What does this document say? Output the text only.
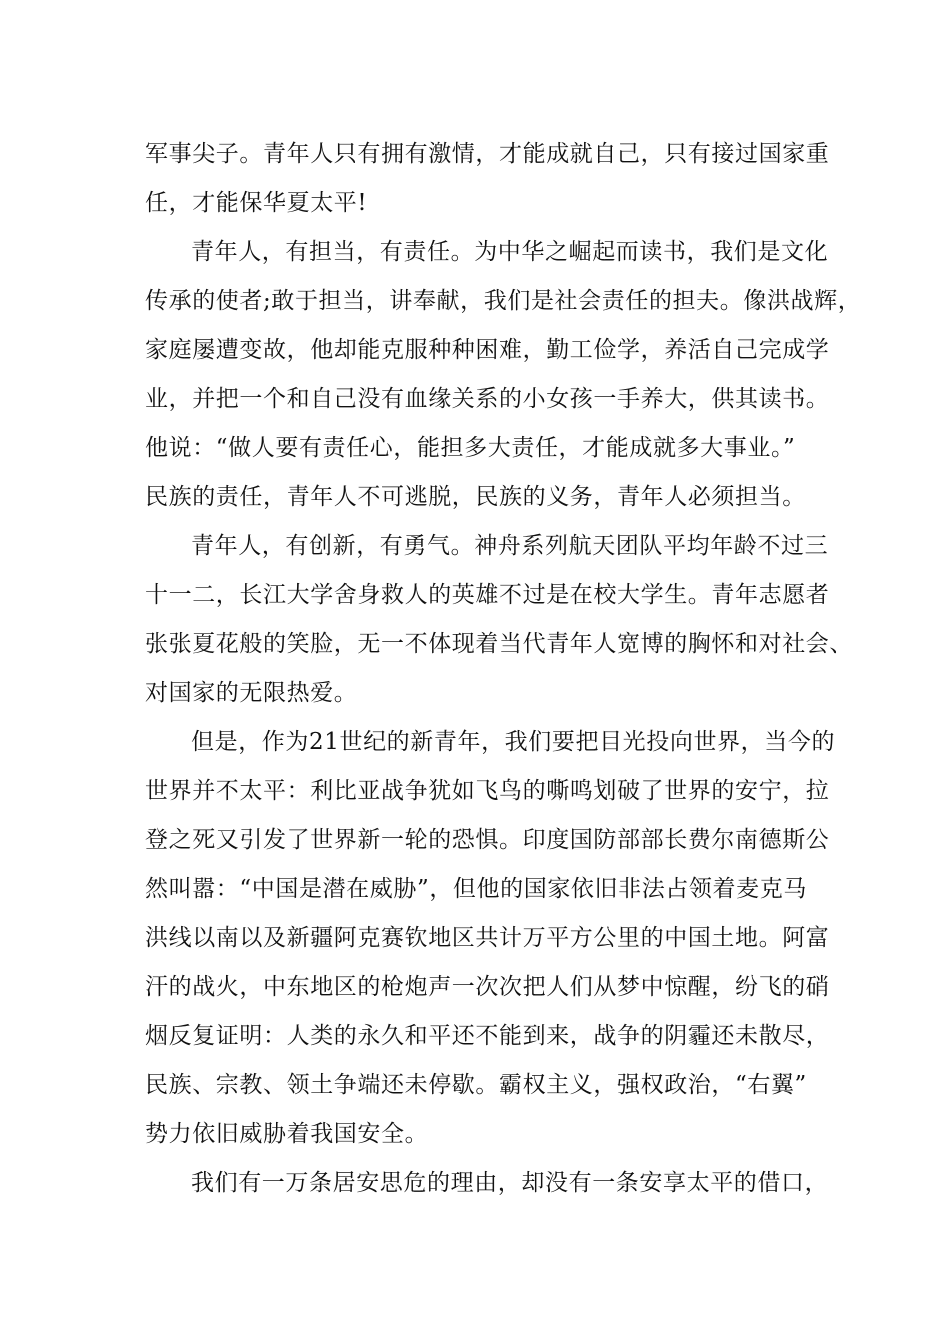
军事尖子。青年人只有拥有激情，才能成就自己，只有接过国家重
任，才能保华夏太平!
青年人，有担当，有责任。为中华之崛起而读书，我们是文化
传承的使者;敢于担当，讲奉献，我们是社会责任的担夫。像洪战辉，
家庭屡遭变故，他却能克服种种困难，勤工俭学，养活自己完成学
业，并把一个和自己没有血缘关系的小女孩一手养大，供其读书。
他说：“做人要有责任心，能担多大责任，才能成就多大事业。”
民族的责任，青年人不可逃脱，民族的义务，青年人必须担当。
青年人，有创新，有勇气。神舟系列航天团队平均年龄不过三
十一二，长江大学舍身救人的英雄不过是在校大学生。青年志愿者
张张夏花般的笑脸，无一不体现着当代青年人宽博的胸怀和对社会、
对国家的无限热爱。
但是，作为21世纪的新青年，我们要把目光投向世界，当今的
世界并不太平：利比亚战争犹如飞鸟的嘶鸣划破了世界的安宁，拉
登之死又引发了世界新一轮的恐惧。印度国防部部长费尔南德斯公
然叫嚣：“中国是潜在威胁”，但他的国家依旧非法占领着麦克马
洪线以南以及新疆阿克赛钦地区共计万平方公里的中国土地。阿富
汗的战火，中东地区的枪炮声一次次把人们从梦中惊醒，纷飞的硝
烟反复证明：人类的永久和平还不能到来，战争的阴霾还未散尽，
民族、宗教、领土争端还未停歇。霸权主义，强权政治，“右翼”
势力依旧威胁着我国安全。
我们有一万条居安思危的理由，却没有一条安享太平的借口，
